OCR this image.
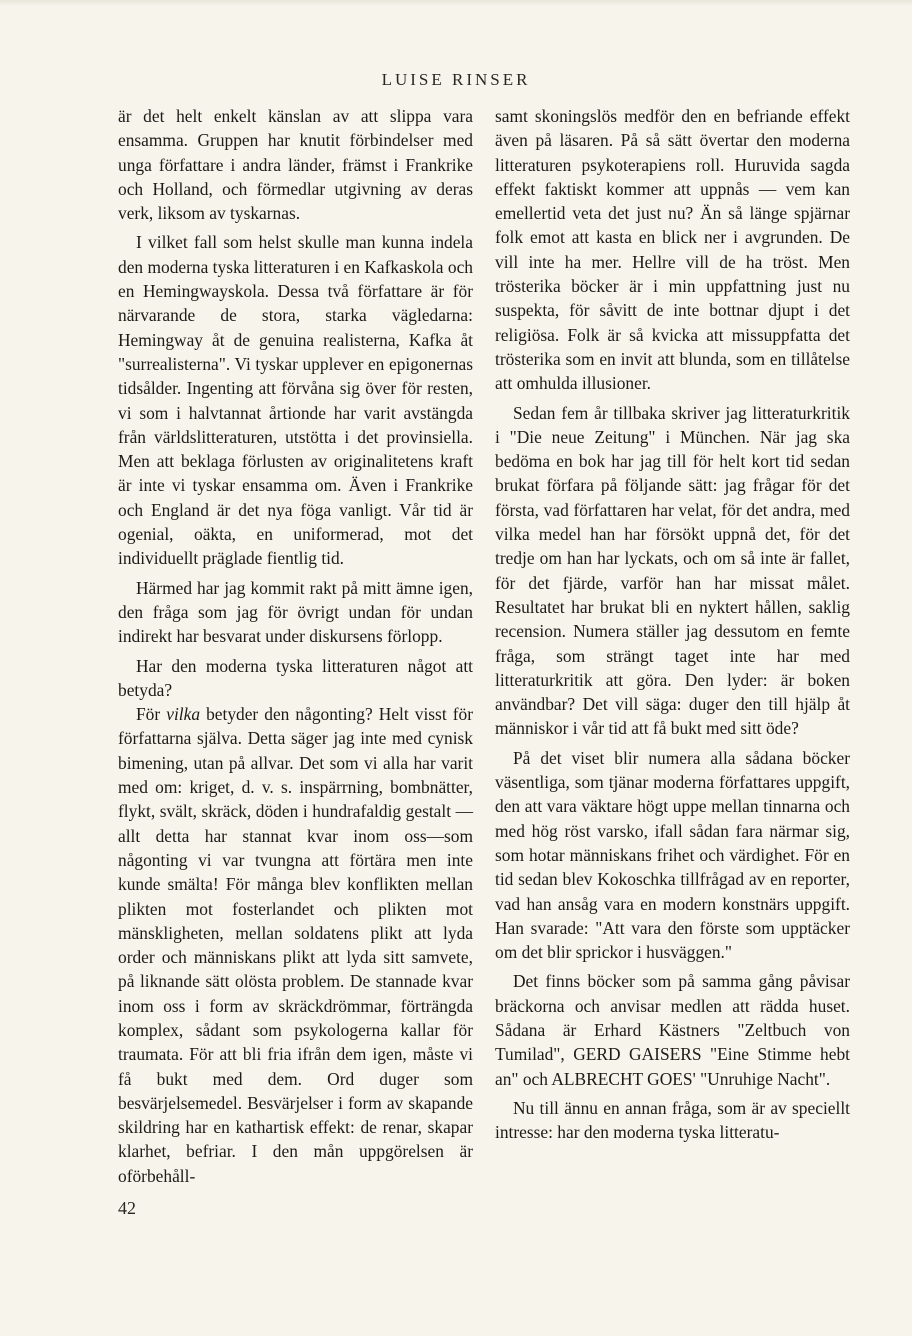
LUISE RINSER

är det helt enkelt känslan av att slippa vara ensamma. Gruppen har knutit förbindelser med unga författare i andra länder, främst i Frankrike och Holland, och förmedlar utgivning av deras verk, liksom av tyskarnas.

I vilket fall som helst skulle man kunna indela den moderna tyska litteraturen i en Kafkaskola och en Hemingwayskola. Dessa två författare är för närvarande de stora, starka vägledarna: Hemingway åt de genuina realisterna, Kafka åt "surrealisterna". Vi tyskar upplever en epigonernas tidsålder. Ingenting att förvåna sig över för resten, vi som i halvtannat årtionde har varit avstängda från världslitteraturen, utstötta i det provinsiella. Men att beklaga förlusten av originalitetens kraft är inte vi tyskar ensamma om. Även i Frankrike och England är det nya föga vanligt. Vår tid är ogenial, oäkta, en uniformerad, mot det individuellt präglade fientlig tid.

Härmed har jag kommit rakt på mitt ämne igen, den fråga som jag för övrigt undan för undan indirekt har besvarat under diskursens förlopp.

Har den moderna tyska litteraturen något att betyda?

För vilka betyder den någonting? Helt visst för författarna själva. Detta säger jag inte med cynisk bimening, utan på allvar. Det som vi alla har varit med om: kriget, d. v. s. inspärrning, bombnätter, flykt, svält, skräck, döden i hundrafaldig gestalt — allt detta har stannat kvar inom oss—som någonting vi var tvungna att förtära men inte kunde smälta! För många blev konflikten mellan plikten mot fosterlandet och plikten mot mänskligheten, mellan soldatens plikt att lyda order och människans plikt att lyda sitt samvete, på liknande sätt olösta problem. De stannade kvar inom oss i form av skräckdrömmar, förträngda komplex, sådant som psykologerna kallar för traumata. För att bli fria ifrån dem igen, måste vi få bukt med dem. Ord duger som besvärjelsemedel. Besvärjelser i form av skapande skildring har en kathartisk effekt: de renar, skapar klarhet, befriar. I den mån uppgörelsen är oförbehåll-

samt skoningslös medför den en befriande effekt även på läsaren. På så sätt övertar den moderna litteraturen psykoterapiens roll. Huruvida sagda effekt faktiskt kommer att uppnås — vem kan emellertid veta det just nu? Än så länge spjärnar folk emot att kasta en blick ner i avgrunden. De vill inte ha mer. Hellre vill de ha tröst. Men trösterika böcker är i min uppfattning just nu suspekta, för såvitt de inte bottnar djupt i det religiösa. Folk är så kvicka att missuppfatta det trösterika som en invit att blunda, som en tillåtelse att omhulda illusioner.

Sedan fem år tillbaka skriver jag litteraturkritik i "Die neue Zeitung" i München. När jag ska bedöma en bok har jag till för helt kort tid sedan brukat förfara på följande sätt: jag frågar för det första, vad författaren har velat, för det andra, med vilka medel han har försökt uppnå det, för det tredje om han har lyckats, och om så inte är fallet, för det fjärde, varför han har missat målet. Resultatet har brukat bli en nyktert hållen, saklig recension. Numera ställer jag dessutom en femte fråga, som strängt taget inte har med litteraturkritik att göra. Den lyder: är boken användbar? Det vill säga: duger den till hjälp åt människor i vår tid att få bukt med sitt öde?

På det viset blir numera alla sådana böcker väsentliga, som tjänar moderna författares uppgift, den att vara väktare högt uppe mellan tinnarna och med hög röst varsko, ifall sådan fara närmar sig, som hotar människans frihet och värdighet. För en tid sedan blev Kokoschka tillfrågad av en reporter, vad han ansåg vara en modern konstnärs uppgift. Han svarade: "Att vara den förste som upptäcker om det blir sprickor i husväggen."

Det finns böcker som på samma gång påvisar bräckorna och anvisar medlen att rädda huset. Sådana är Erhard Kästners "Zeltbuch von Tumilad", GERD GAISERS "Eine Stimme hebt an" och ALBRECHT GOES' "Unruhige Nacht".

Nu till ännu en annan fråga, som är av speciellt intresse: har den moderna tyska litteratu-

42
